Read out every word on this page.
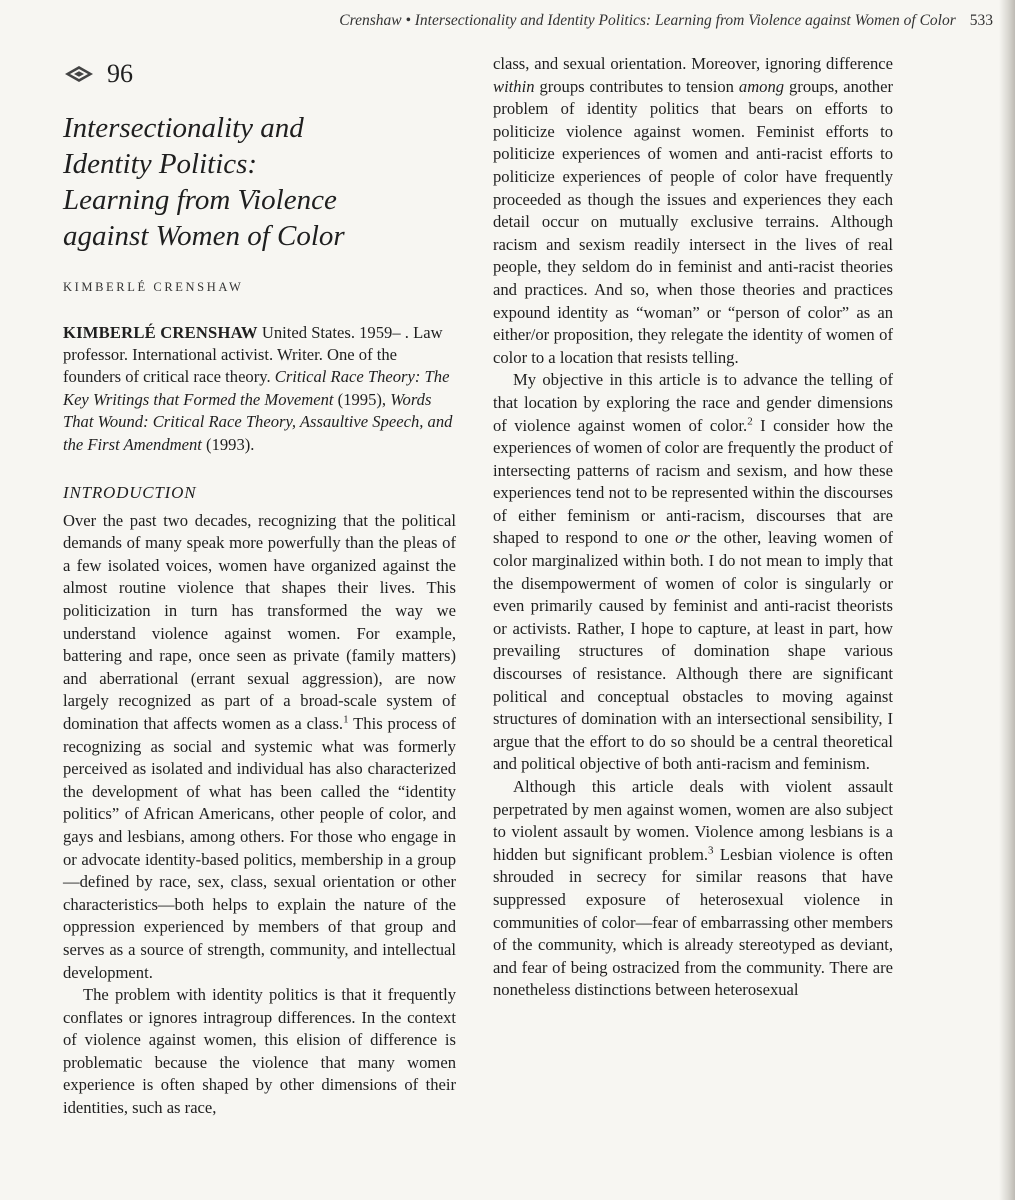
Crenshaw • Intersectionality and Identity Politics: Learning from Violence against Women of Color 533
96
Intersectionality and
Identity Politics:
Learning from Violence
against Women of Color
KIMBERLÉ CRENSHAW

KIMBERLÉ CRENSHAW United States. 1959– . Law professor. International activist. Writer. One of the founders of critical race theory. Critical Race Theory: The Key Writings that Formed the Movement (1995), Words That Wound: Critical Race Theory, Assaultive Speech, and the First Amendment (1993).

INTRODUCTION

Over the past two decades, recognizing that the political demands of many speak more powerfully than the pleas of a few isolated voices, women have organized against the almost routine violence that shapes their lives. This politicization in turn has transformed the way we understand violence against women. For example, battering and rape, once seen as private (family matters) and aberrational (errant sexual aggression), are now largely recognized as part of a broad-scale system of domination that affects women as a class.$^1$ This process of recognizing as social and systemic what was formerly perceived as isolated and individual has also characterized the development of what has been called the “identity politics” of African Americans, other people of color, and gays and lesbians, among others. For those who engage in or advocate identity-based politics, membership in a group—defined by race, sex, class, sexual orientation or other characteristics—both helps to explain the nature of the oppression experienced by members of that group and serves as a source of strength, community, and intellectual development.

The problem with identity politics is that it frequently conflates or ignores intragroup differences. In the context of violence against women, this elision of difference is problematic because the violence that many women experience is often shaped by other dimensions of their identities, such as race,

class, and sexual orientation. Moreover, ignoring difference within groups contributes to tension among groups, another problem of identity politics that bears on efforts to politicize violence against women. Feminist efforts to politicize experiences of women and anti-racist efforts to politicize experiences of people of color have frequently proceeded as though the issues and experiences they each detail occur on mutually exclusive terrains. Although racism and sexism readily intersect in the lives of real people, they seldom do in feminist and anti-racist theories and practices. And so, when those theories and practices expound identity as “woman” or “person of color” as an either/or proposition, they relegate the identity of women of color to a location that resists telling.

My objective in this article is to advance the telling of that location by exploring the race and gender dimensions of violence against women of color.$^2$ I consider how the experiences of women of color are frequently the product of intersecting patterns of racism and sexism, and how these experiences tend not to be represented within the discourses of either feminism or anti-racism, discourses that are shaped to respond to one or the other, leaving women of color marginalized within both. I do not mean to imply that the disempowerment of women of color is singularly or even primarily caused by feminist and anti-racist theorists or activists. Rather, I hope to capture, at least in part, how prevailing structures of domination shape various discourses of resistance. Although there are significant political and conceptual obstacles to moving against structures of domination with an intersectional sensibility, I argue that the effort to do so should be a central theoretical and political objective of both anti-racism and feminism.

Although this article deals with violent assault perpetrated by men against women, women are also subject to violent assault by women. Violence among lesbians is a hidden but significant problem.$^3$ Lesbian violence is often shrouded in secrecy for similar reasons that have suppressed exposure of heterosexual violence in communities of color—fear of embarrassing other members of the community, which is already stereotyped as deviant, and fear of being ostracized from the community. There are nonetheless distinctions between heterosexual
